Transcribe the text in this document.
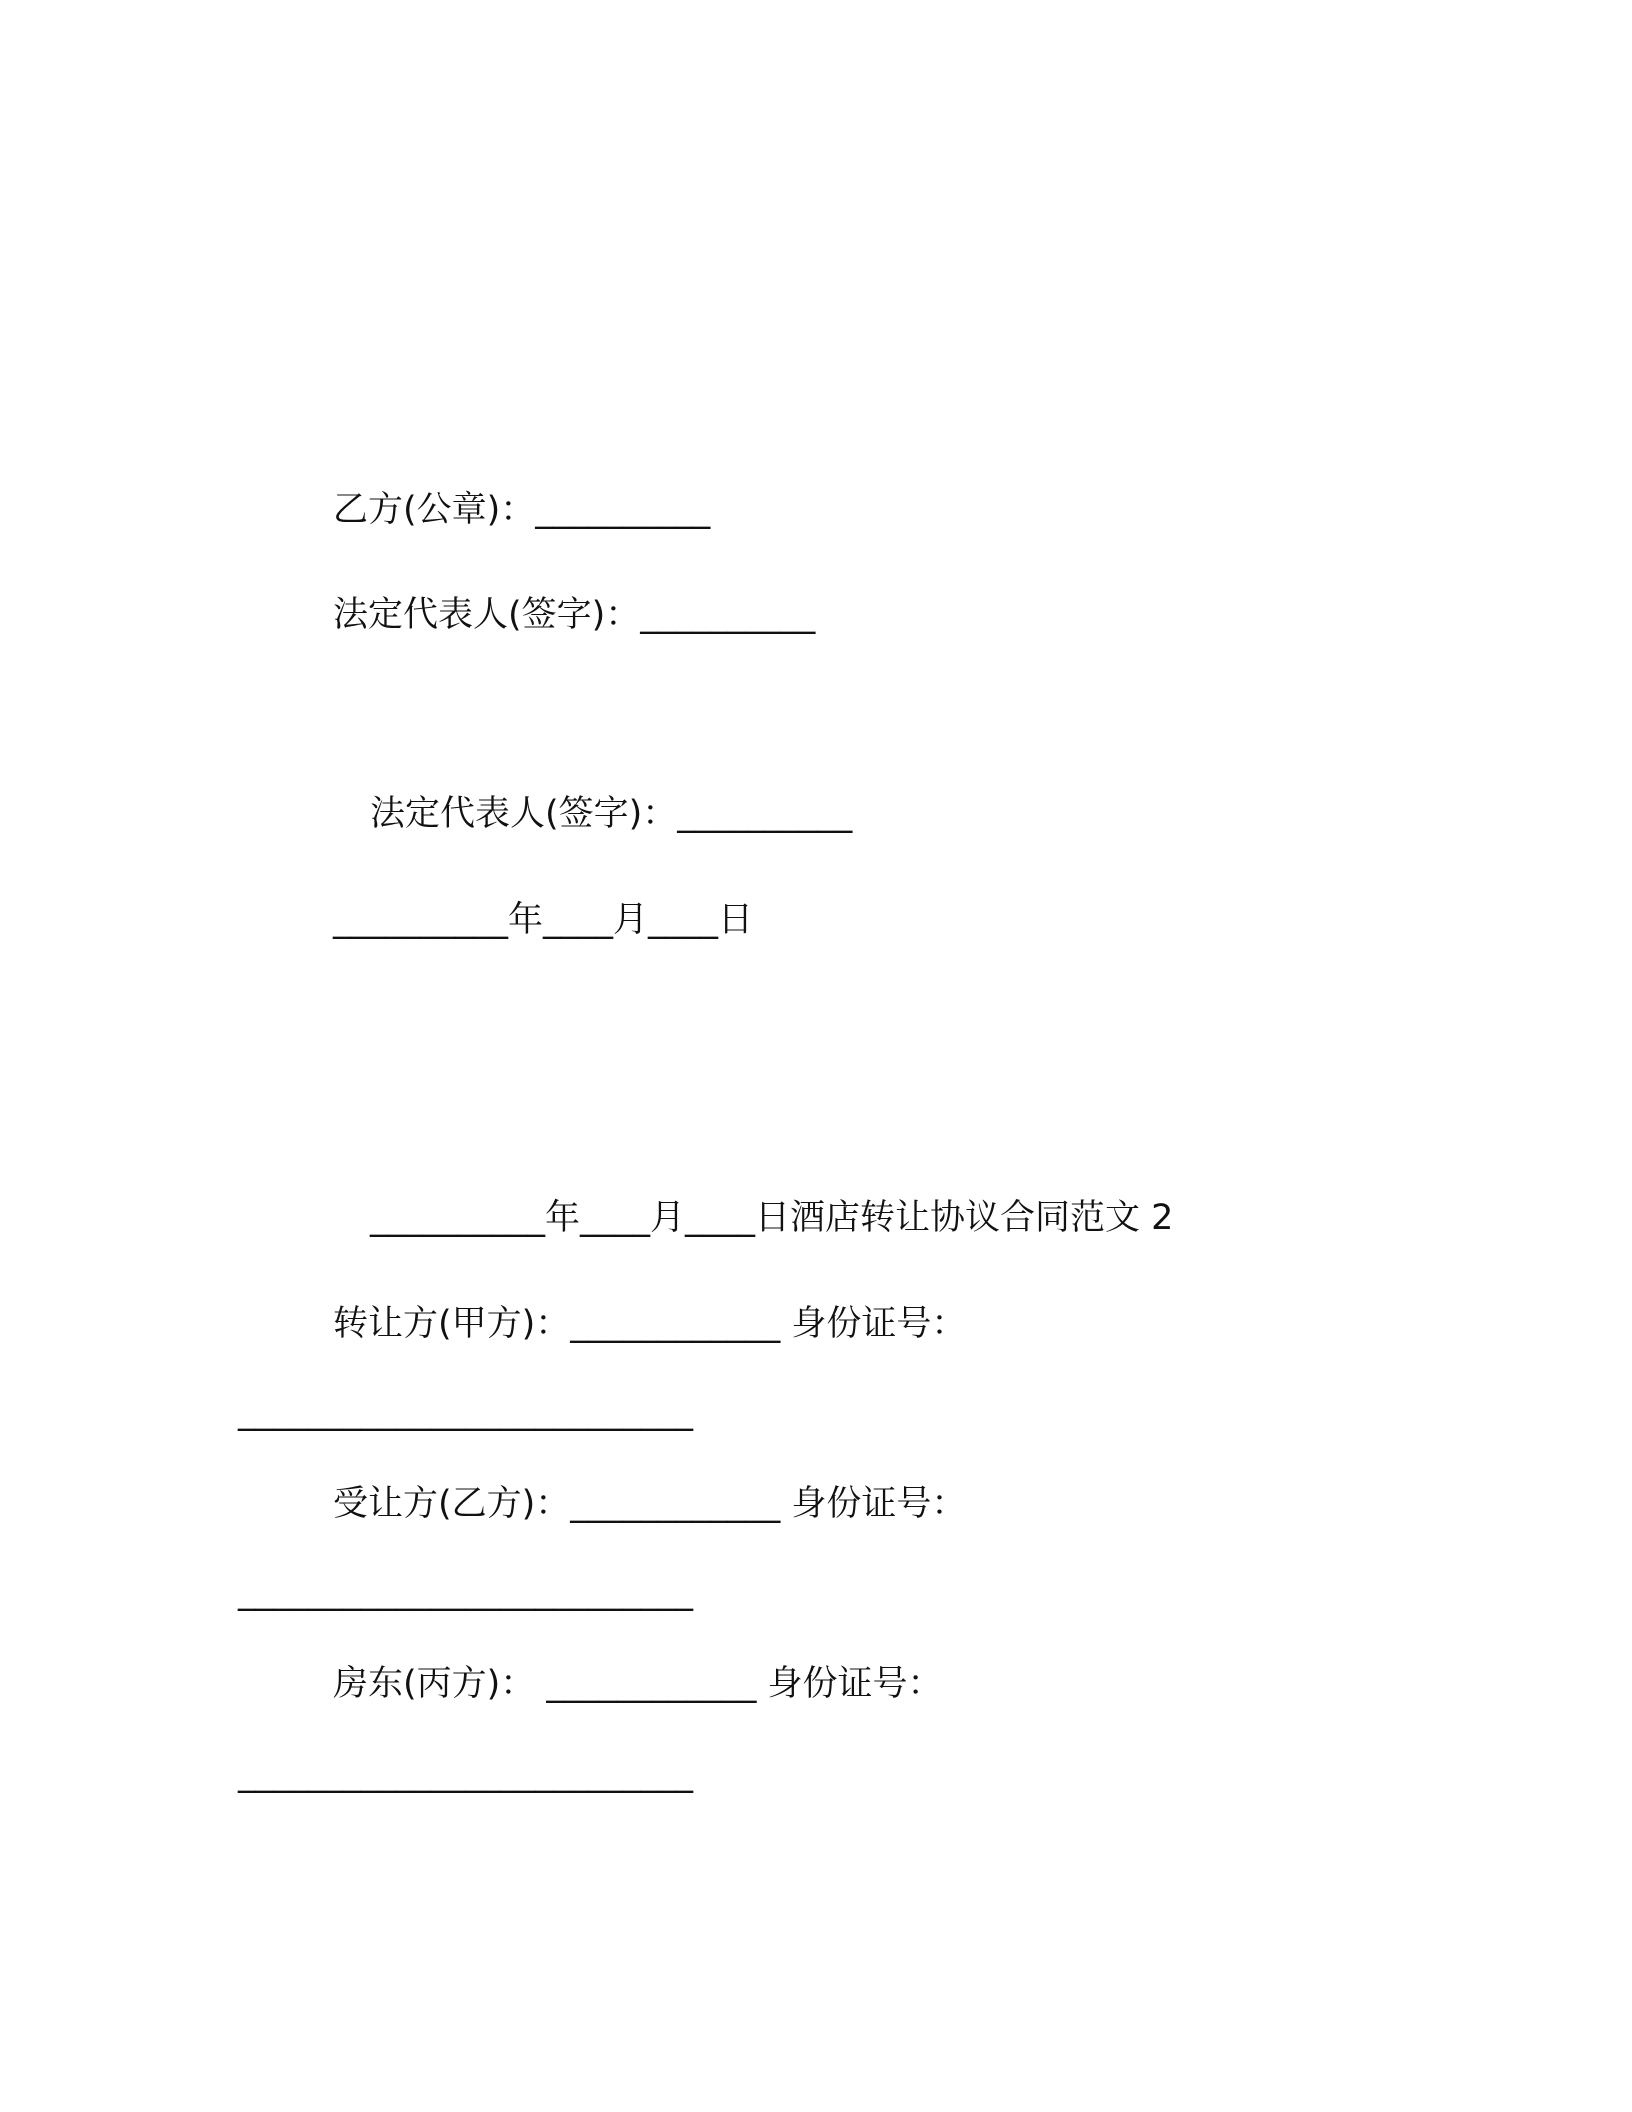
乙方(公章)：__________
法定代表人(签字)：__________
法定代表人(签字)：__________
__________年____月____日
__________年____月____日酒店转让协议合同范文 2
转让方(甲方)：____________ 身份证号：
__________________________
受让方(乙方)：____________ 身份证号：
__________________________
房东(丙方)： ____________ 身份证号：
__________________________
